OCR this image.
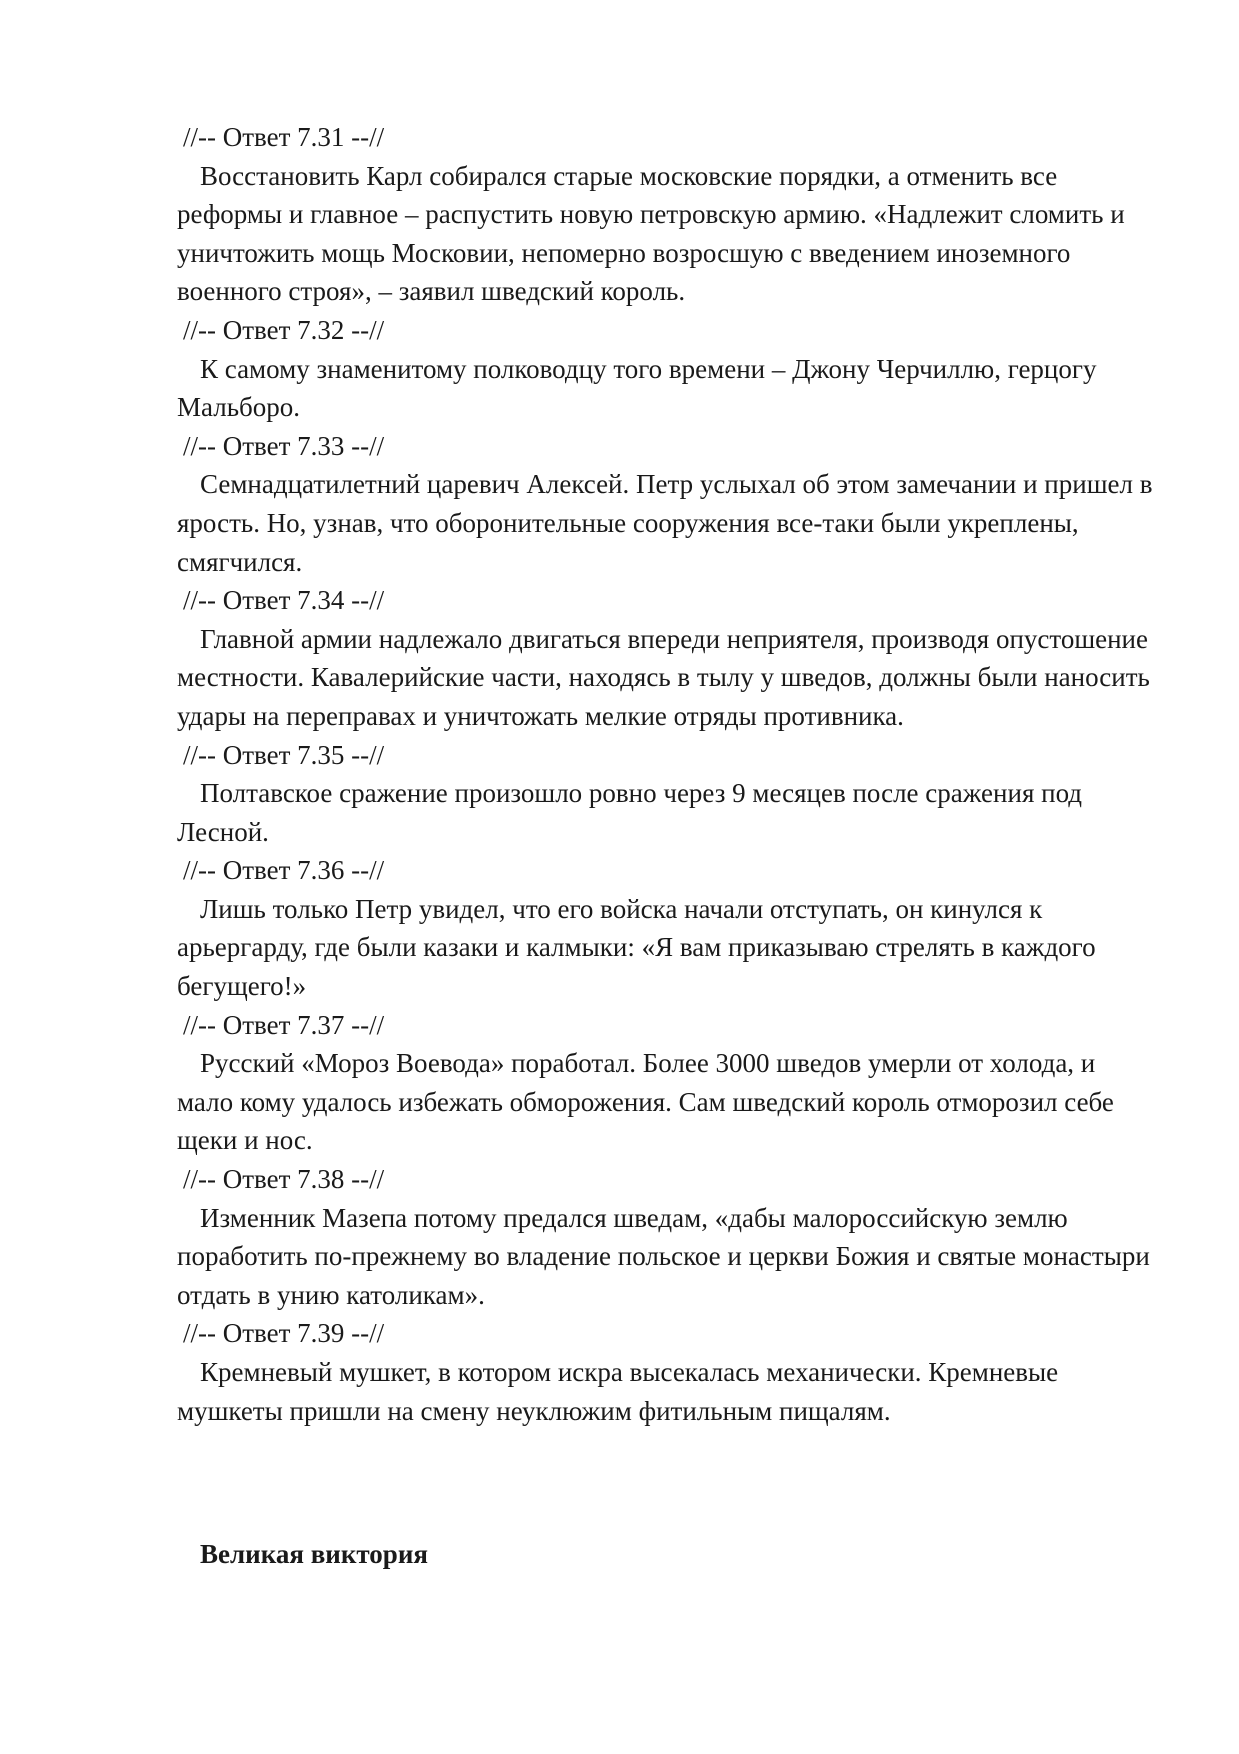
//-- Ответ 7.31 --//

Восстановить Карл собирался старые московские порядки, а отменить все реформы и главное – распустить новую петровскую армию. «Надлежит сломить и уничтожить мощь Московии, непомерно возросшую с введением иноземного военного строя», – заявил шведский король.

//-- Ответ 7.32 --//

К самому знаменитому полководцу того времени – Джону Черчиллю, герцогу Мальборо.

//-- Ответ 7.33 --//

Семнадцатилетний царевич Алексей. Петр услыхал об этом замечании и пришел в ярость. Но, узнав, что оборонительные сооружения все-таки были укреплены, смягчился.

//-- Ответ 7.34 --//

Главной армии надлежало двигаться впереди неприятеля, производя опустошение местности. Кавалерийские части, находясь в тылу у шведов, должны были наносить удары на переправах и уничтожать мелкие отряды противника.

//-- Ответ 7.35 --//

Полтавское сражение произошло ровно через 9 месяцев после сражения под Лесной.

//-- Ответ 7.36 --//

Лишь только Петр увидел, что его войска начали отступать, он кинулся к арьергарду, где были казаки и калмыки: «Я вам приказываю стрелять в каждого бегущего!»

//-- Ответ 7.37 --//

Русский «Мороз Воевода» поработал. Более 3000 шведов умерли от холода, и мало кому удалось избежать обморожения. Сам шведский король отморозил себе щеки и нос.

//-- Ответ 7.38 --//

Изменник Мазепа потому предался шведам, «дабы малороссийскую землю поработить по-прежнему во владение польское и церкви Божия и святые монастыри отдать в унию католикам».

//-- Ответ 7.39 --//

Кремневый мушкет, в котором искра высекалась механически. Кремневые мушкеты пришли на смену неуклюжим фитильным пищалям.

Великая виктория
